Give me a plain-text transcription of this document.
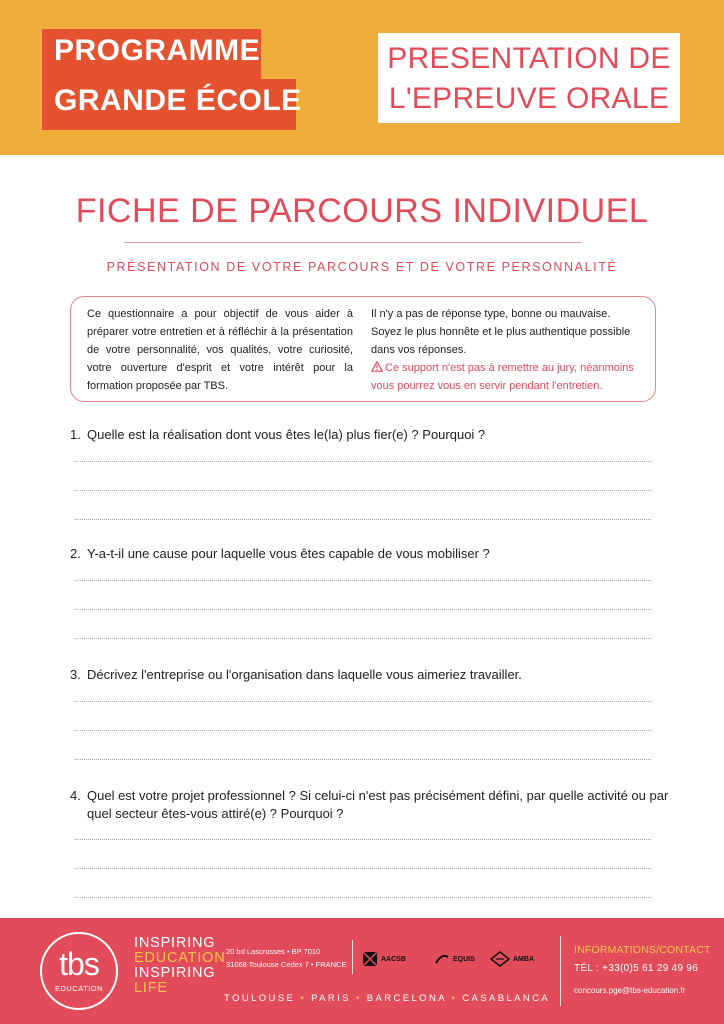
PROGRAMME
GRANDE ÉCOLE
PRESENTATION DE
L'EPREUVE ORALE
FICHE DE PARCOURS INDIVIDUEL
PRÉSENTATION DE VOTRE PARCOURS ET DE VOTRE PERSONNALITÉ
Ce questionnaire a pour objectif de vous aider à préparer votre entretien et à réfléchir à la présentation de votre personnalité, vos qualités, votre curiosité, votre ouverture d'esprit et votre intérêt pour la formation proposée par TBS.
Il n'y a pas de réponse type, bonne ou mauvaise. Soyez le plus honnête et le plus authentique possible dans vos réponses.
Ce support n'est pas à remettre au jury, néanmoins vous pourrez vous en servir pendant l'entretien.
1. Quelle est la réalisation dont vous êtes le(la) plus fier(e) ? Pourquoi ?
2. Y-a-t-il une cause pour laquelle vous êtes capable de vous mobiliser ?
3. Décrivez l'entreprise ou l'organisation dans laquelle vous aimeriez travailler.
4. Quel est votre projet professionnel ? Si celui-ci n'est pas précisément défini, par quelle activité ou par
quel secteur êtes-vous attiré(e) ? Pourquoi ?
tbs
EDUCATION
INSPIRING
EDUCATION
INSPIRING
LIFE
20 bd Lascrosses • BP 7010
31068 Toulouse Cedex 7 • FRANCE
AACSB	EQUIS	AMBA
TOULOUSE • PARIS • BARCELONA • CASABLANCA
INFORMATIONS/CONTACT
TÉL : +33(0)5 61 29 49 96
concours.pge@tbs-education.fr
